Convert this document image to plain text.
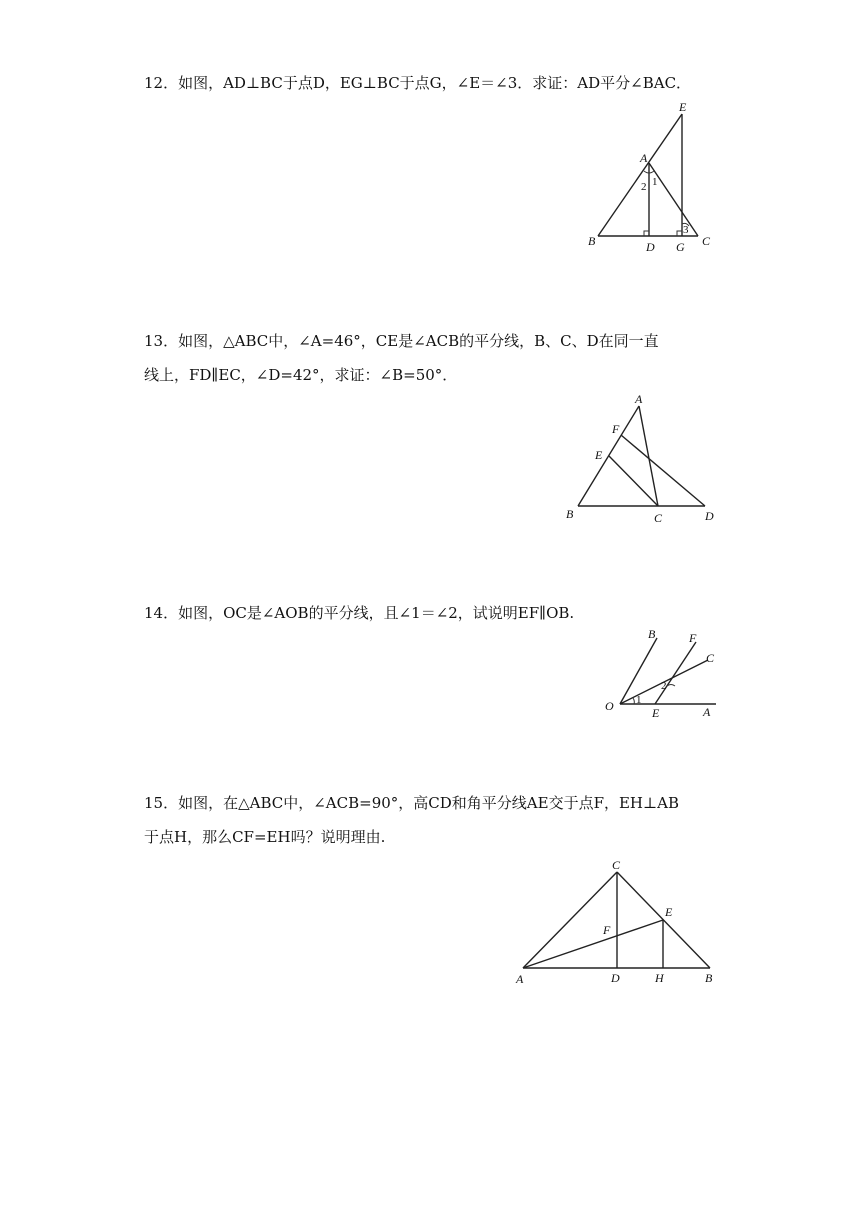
12．如图，AD⊥BC于点D，EG⊥BC于点G，∠E＝∠3．求证：AD平分∠BAC．
E
A
B	D G C
2 1
3
13．如图，△ABC中，∠A=46°，CE是∠ACB的平分线，B、C、D在同一直
线上，FD∥EC，∠D=42°，求证：∠B=50°．
A
F
E
B	C	D
14．如图，OC是∠AOB的平分线，且∠1＝∠2，试说明EF∥OB.
B	F
C
O	E	A
1
2
15．如图，在△ABC中，∠ACB=90°，高CD和角平分线AE交于点F，EH⊥AB
于点H，那么CF=EH吗？说明理由.
C
E
F
A	D	H	B
